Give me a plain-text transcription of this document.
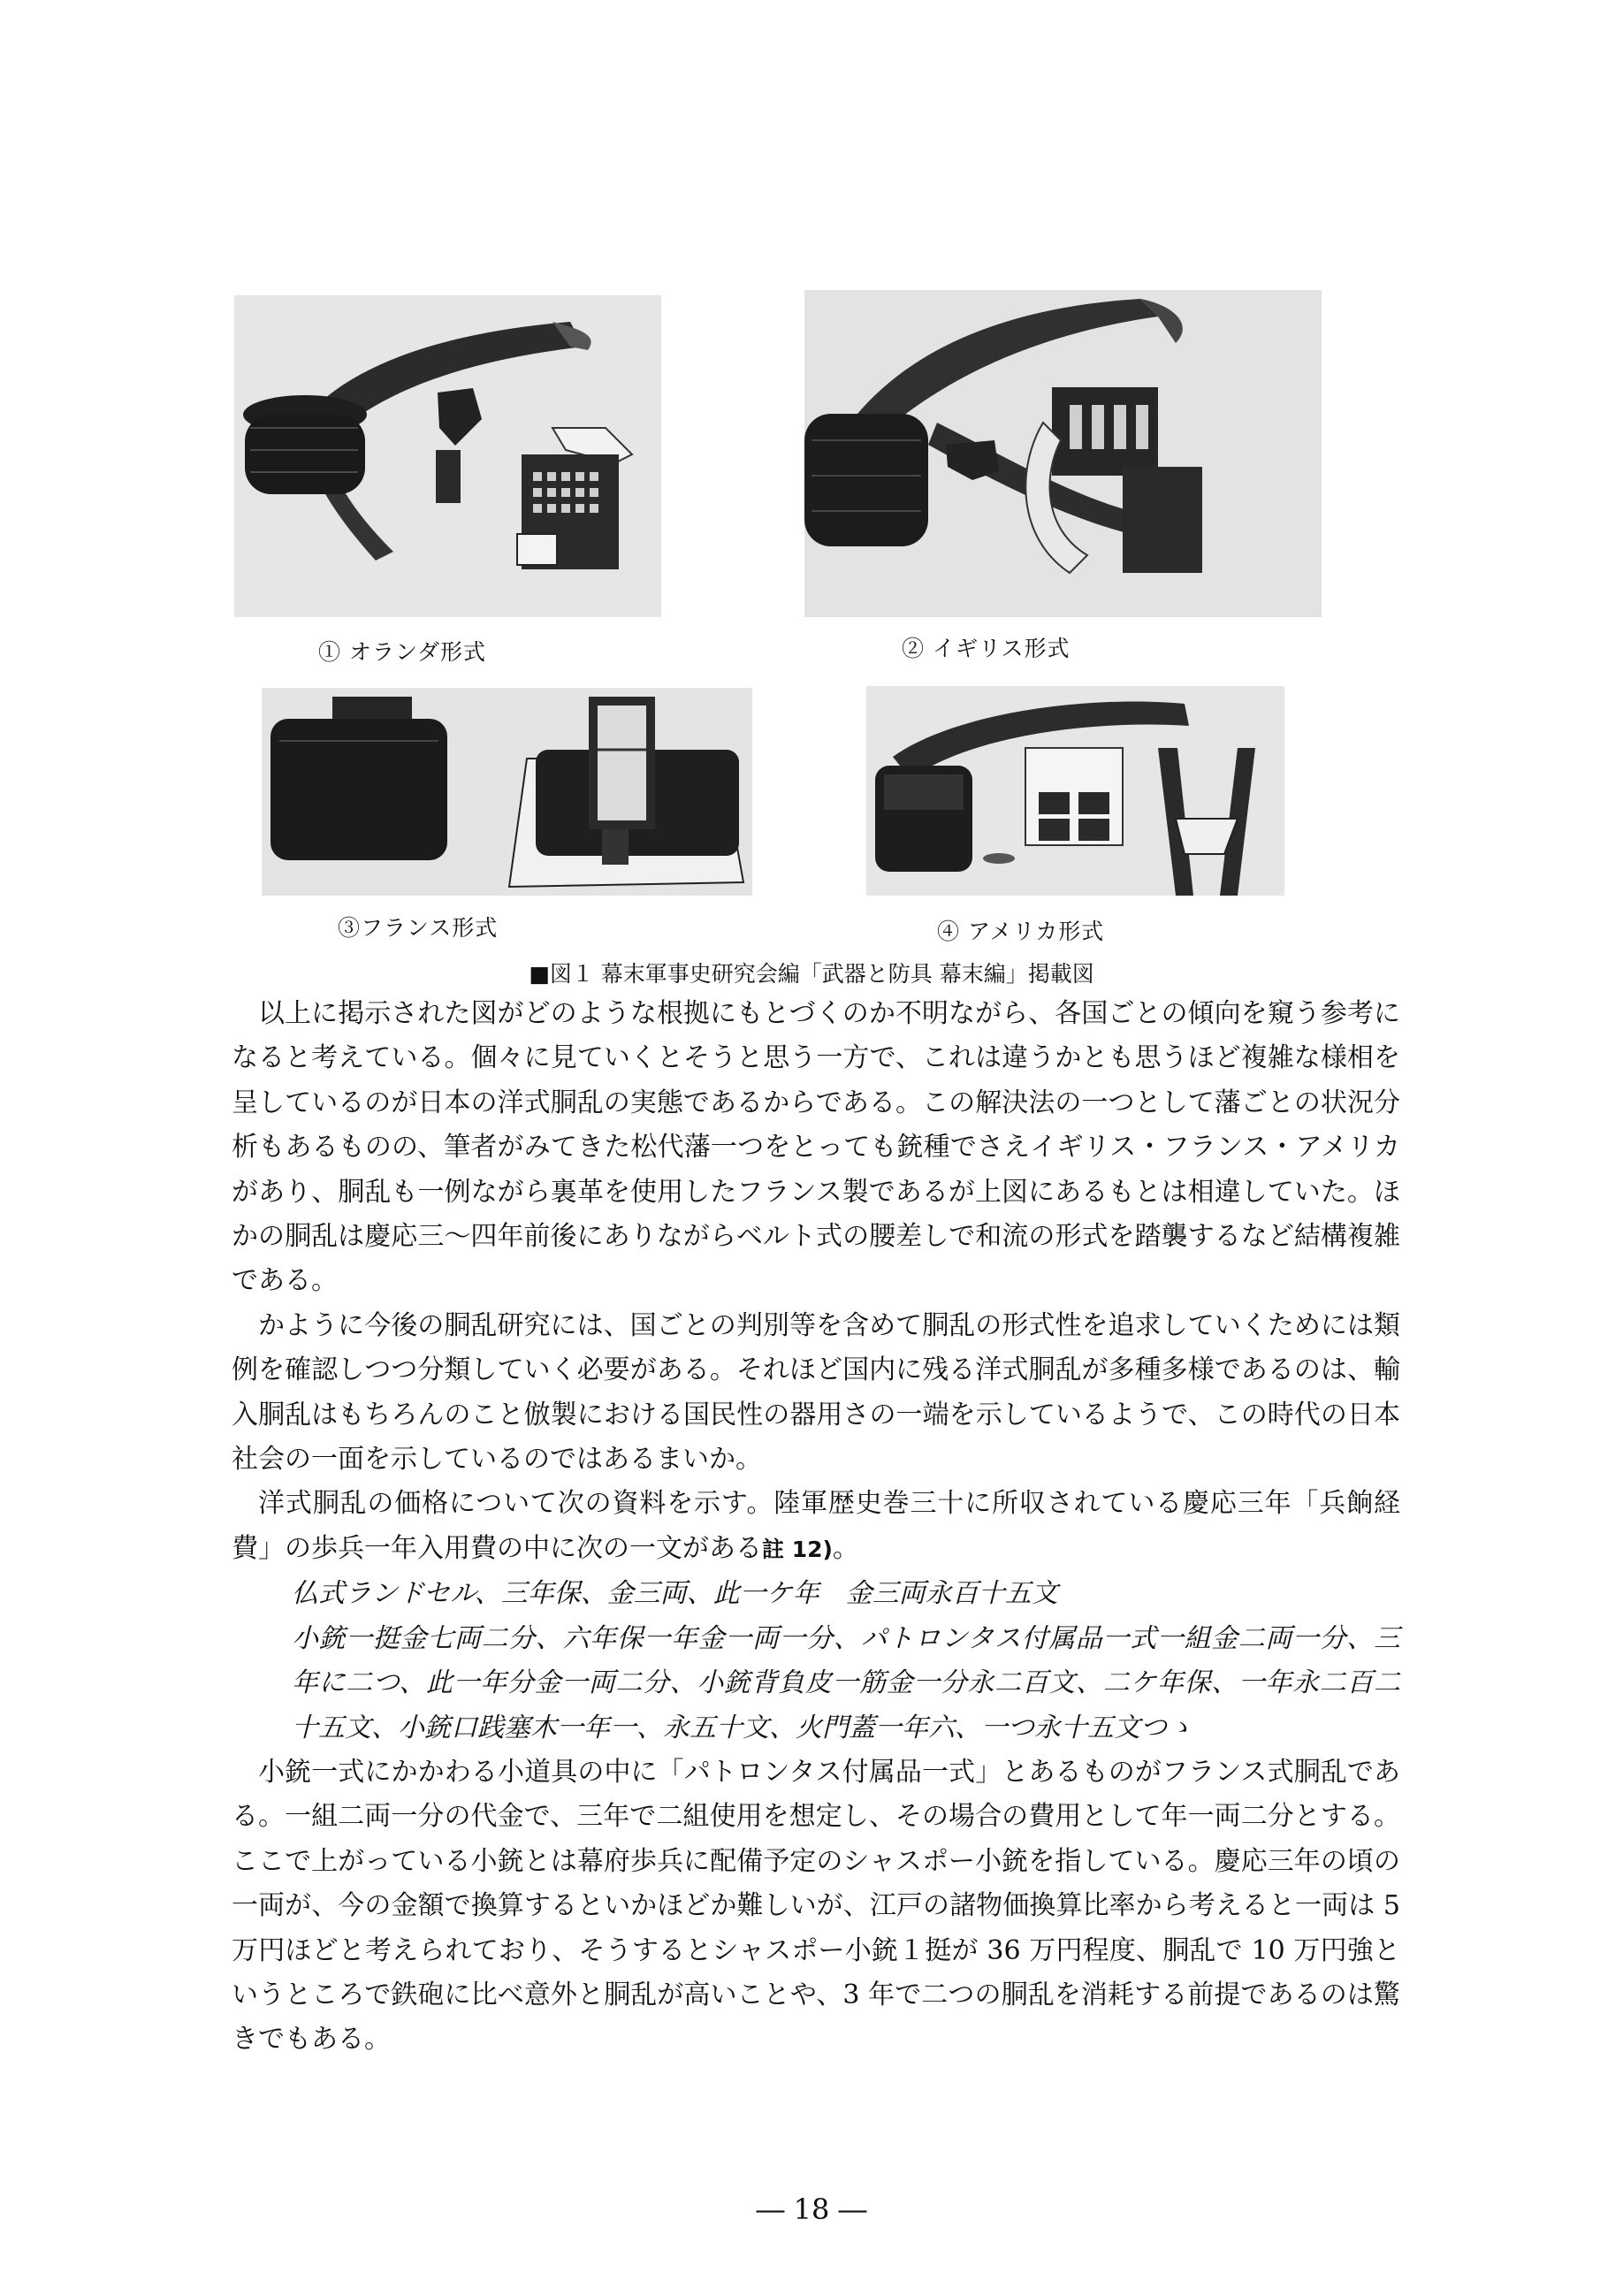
① オランダ形式	② イギリス形式
③フランス形式	④ アメリカ形式
■図１ 幕末軍事史研究会編「武器と防具 幕末編」掲載図

以上に掲示された図がどのような根拠にもとづくのか不明ながら、各国ごとの傾向を窺う参考になると考えている。個々に見ていくとそうと思う一方で、これは違うかとも思うほど複雑な様相を呈しているのが日本の洋式胴乱の実態であるからである。この解決法の一つとして藩ごとの状況分析もあるものの、筆者がみてきた松代藩一つをとっても銃種でさえイギリス・フランス・アメリカがあり、胴乱も一例ながら裏革を使用したフランス製であるが上図にあるもとは相違していた。ほかの胴乱は慶応三～四年前後にありながらベルト式の腰差しで和流の形式を踏襲するなど結構複雑である。

かように今後の胴乱研究には、国ごとの判別等を含めて胴乱の形式性を追求していくためには類例を確認しつつ分類していく必要がある。それほど国内に残る洋式胴乱が多種多様であるのは、輸入胴乱はもちろんのこと倣製における国民性の器用さの一端を示しているようで、この時代の日本社会の一面を示しているのではあるまいか。

洋式胴乱の価格について次の資料を示す。陸軍歴史巻三十に所収されている慶応三年「兵餉経費」の歩兵一年入用費の中に次の一文がある註 12)。

仏式ランドセル、三年保、金三両、此一ケ年　金三両永百十五文

小銃一挺金七両二分、六年保一年金一両一分、パトロンタス付属品一式一組金二両一分、三年に二つ、此一年分金一両二分、小銃背負皮一筋金一分永二百文、二ケ年保、一年永二百二十五文、小銃口践塞木一年一、永五十文、火門蓋一年六、一つ永十五文つゝ

小銃一式にかかわる小道具の中に「パトロンタス付属品一式」とあるものがフランス式胴乱である。一組二両一分の代金で、三年で二組使用を想定し、その場合の費用として年一両二分とする。ここで上がっている小銃とは幕府歩兵に配備予定のシャスポー小銃を指している。慶応三年の頃の一両が、今の金額で換算するといかほどか難しいが、江戸の諸物価換算比率から考えると一両は 5 万円ほどと考えられており、そうするとシャスポー小銃１挺が 36 万円程度、胴乱で 10 万円強というところで鉄砲に比べ意外と胴乱が高いことや、3 年で二つの胴乱を消耗する前提であるのは驚きでもある。

― 18 ―
